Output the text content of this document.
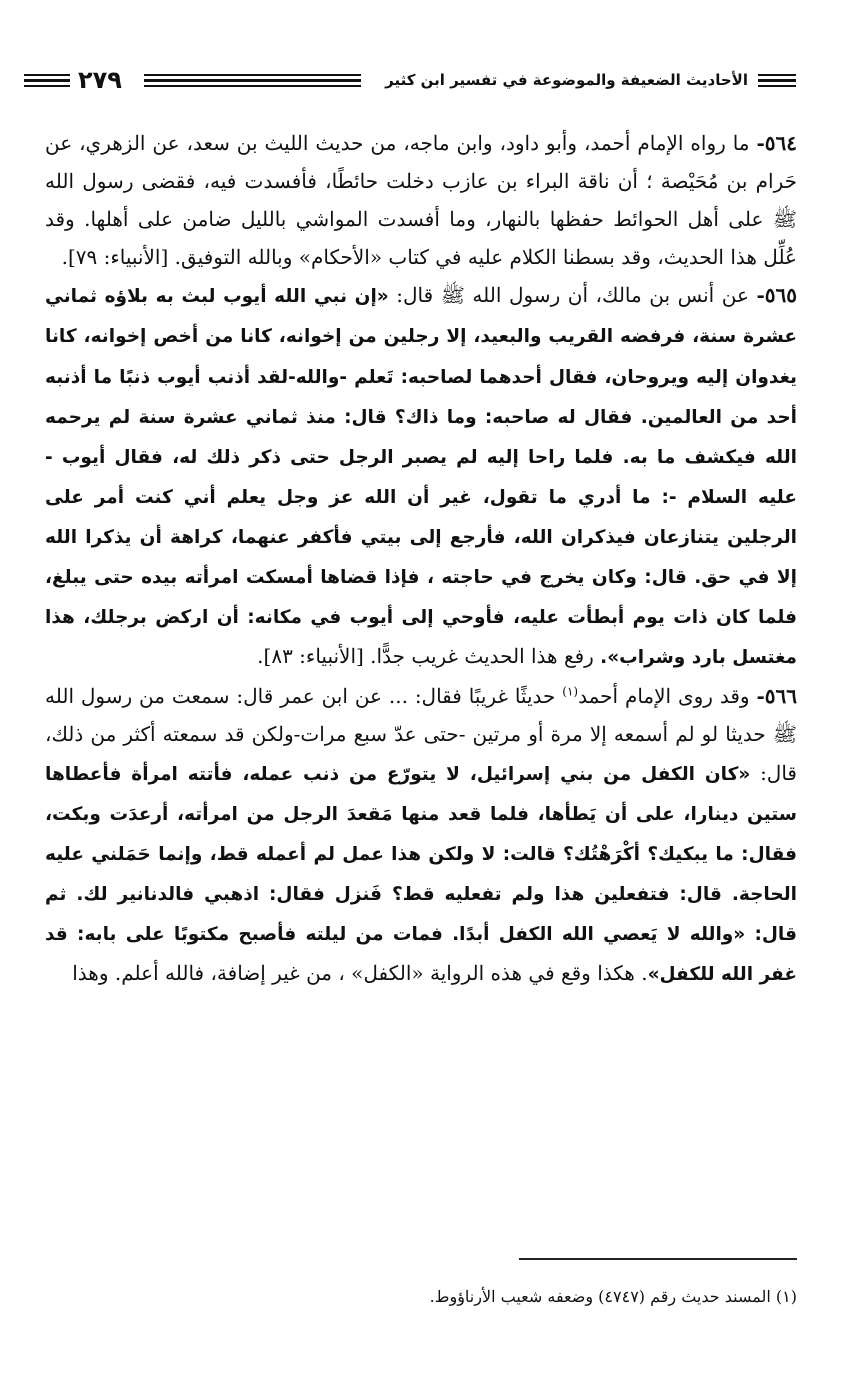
الأحاديث الضعيفة والموضوعة في تفسير ابن كثير
٢٧٩

٥٦٤- ما رواه الإمام أحمد، وأبو داود، وابن ماجه، من حديث الليث بن سعد، عن الزهري، عن حَرام بن مُحَيْصة ؛ أن ناقة البراء بن عازب دخلت حائطًا، فأفسدت فيه، فقضى رسول الله ﷺ على أهل الحوائط حفظها بالنهار، وما أفسدت المواشي بالليل ضامن على أهلها. وقد عُلِّل هذا الحديث، وقد بسطنا الكلام عليه في كتاب «الأحكام» وبالله التوفيق. [الأنبياء: ٧٩].

٥٦٥- عن أنس بن مالك، أن رسول الله ﷺ قال: «إن نبي الله أيوب لبث به بلاؤه ثماني عشرة سنة، فرفضه القريب والبعيد، إلا رجلين من إخوانه، كانا من أخص إخوانه، كانا يغدوان إليه ويروحان، فقال أحدهما لصاحبه: تَعلم -والله-لقد أذنب أيوب ذنبًا ما أذنبه أحد من العالمين. فقال له صاحبه: وما ذاك؟ قال: منذ ثماني عشرة سنة لم يرحمه الله فيكشف ما به. فلما راحا إليه لم يصبر الرجل حتى ذكر ذلك له، فقال أيوب - عليه السلام -: ما أدري ما تقول، غير أن الله عز وجل يعلم أني كنت أمر على الرجلين يتنازعان فيذكران الله، فأرجع إلى بيتي فأكفر عنهما، كراهة أن يذكرا الله إلا في حق. قال: وكان يخرج في حاجته ، فإذا قضاها أمسكت امرأته بيده حتى يبلغ، فلما كان ذات يوم أبطأت عليه، فأوحي إلى أيوب في مكانه: أن اركض برجلك، هذا مغتسل بارد وشراب». رفع هذا الحديث غريب جدًّا. [الأنبياء: ٨٣].

٥٦٦- وقد روى الإمام أحمد$^{(١)}$ حديثًا غريبًا فقال: ... عن ابن عمر قال: سمعت من رسول الله ﷺ حديثا لو لم أسمعه إلا مرة أو مرتين -حتى عدّ سبع مرات-ولكن قد سمعته أكثر من ذلك، قال: «كان الكفل من بني إسرائيل، لا يتورّع من ذنب عمله، فأتته امرأة فأعطاها ستين دينارا، على أن يَطأها، فلما قعد منها مَقعدَ الرجل من امرأته، أرعدَت وبكت، فقال: ما يبكيك؟ أكْرَهْتُك؟ قالت: لا ولكن هذا عمل لم أعمله قط، وإنما حَمَلني عليه الحاجة. قال: فتفعلين هذا ولم تفعليه قط؟ فَنزل فقال: اذهبي فالدنانير لك. ثم قال: «والله لا يَعصي الله الكفل أبدًا. فمات من ليلته فأصبح مكتوبًا على بابه: قد غفر الله للكفل». هكذا وقع في هذه الرواية «الكفل» ، من غير إضافة، فالله أعلم. وهذا

(١) المسند حديث رقم (٤٧٤٧) وضعفه شعيب الأرناؤوط.
